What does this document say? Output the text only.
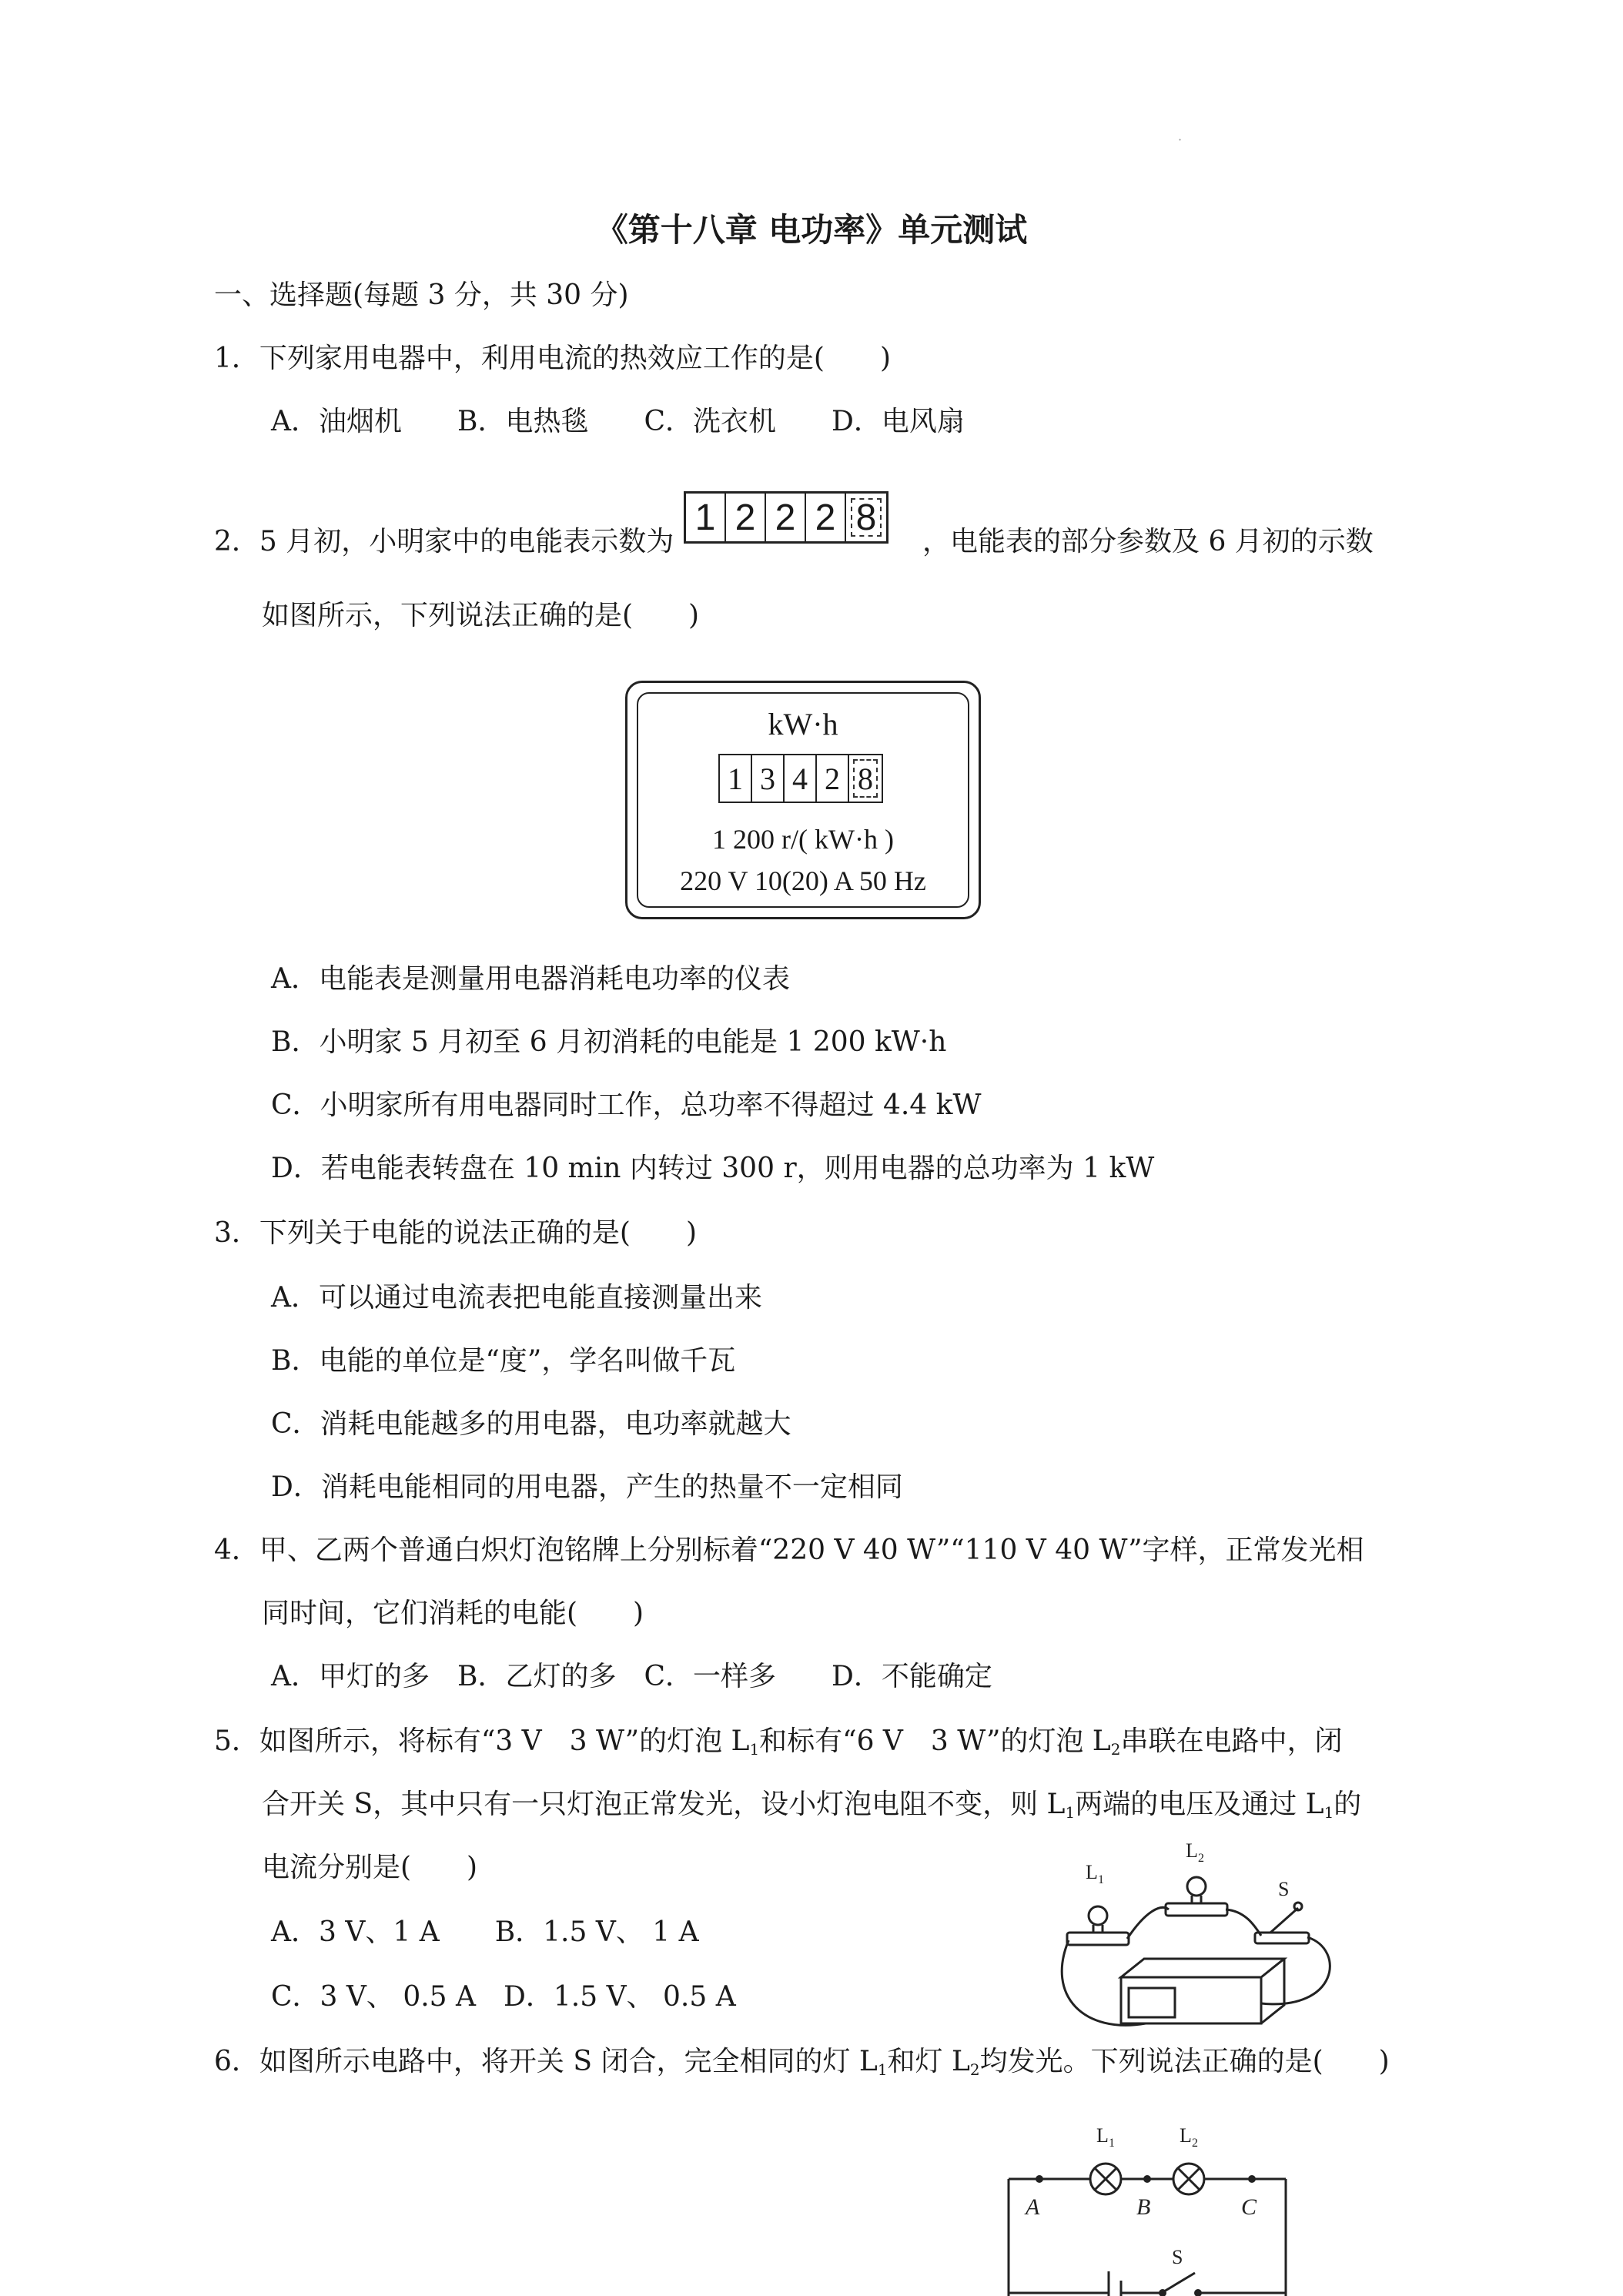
·
《第十八章 电功率》单元测试
一、选择题(每题 3 分，共 30 分)
1．下列家用电器中，利用电流的热效应工作的是(　　)
A．油烟机　　B．电热毯　　C．洗衣机　　D．电风扇
2．5 月初，小明家中的电能表示数为
1 2 2 2 8
，电能表的部分参数及 6 月初的示数
如图所示，下列说法正确的是(　　)
kW·h
1 3 4 2 8
1 200 r/( kW·h )
220 V 10(20) A 50 Hz
A．电能表是测量用电器消耗电功率的仪表
B．小明家 5 月初至 6 月初消耗的电能是 1 200 kW·h
C．小明家所有用电器同时工作，总功率不得超过 4.4 kW
D．若电能表转盘在 10 min 内转过 300 r，则用电器的总功率为 1 kW
3．下列关于电能的说法正确的是(　　)
A．可以通过电流表把电能直接测量出来
B．电能的单位是“度”，学名叫做千瓦
C．消耗电能越多的用电器，电功率就越大
D．消耗电能相同的用电器，产生的热量不一定相同
4．甲、乙两个普通白炽灯泡铭牌上分别标着“220 V 40 W”“110 V 40 W”字样，正常发光相
同时间，它们消耗的电能(　　)
A．甲灯的多　B．乙灯的多　C．一样多　　D．不能确定
5．如图所示，将标有“3 V　3 W”的灯泡 $L_1$和标有“6 V　3 W”的灯泡 $L_2$串联在电路中，闭
合开关 S，其中只有一只灯泡正常发光，设小灯泡电阻不变，则 $L_1$两端的电压及通过 $L_1$的
电流分别是(　　)
A．3 V、1 A　　B．1.5 V、 1 A
C．3 V、 0.5 A　D．1.5 V、 0.5 A
L 1
L 2
S
6．如图所示电路中，将开关 S 闭合，完全相同的灯 $L_1$和灯 $L_2$均发光。下列说法正确的是(　　)
A	B	C
L 1	L 2
S
